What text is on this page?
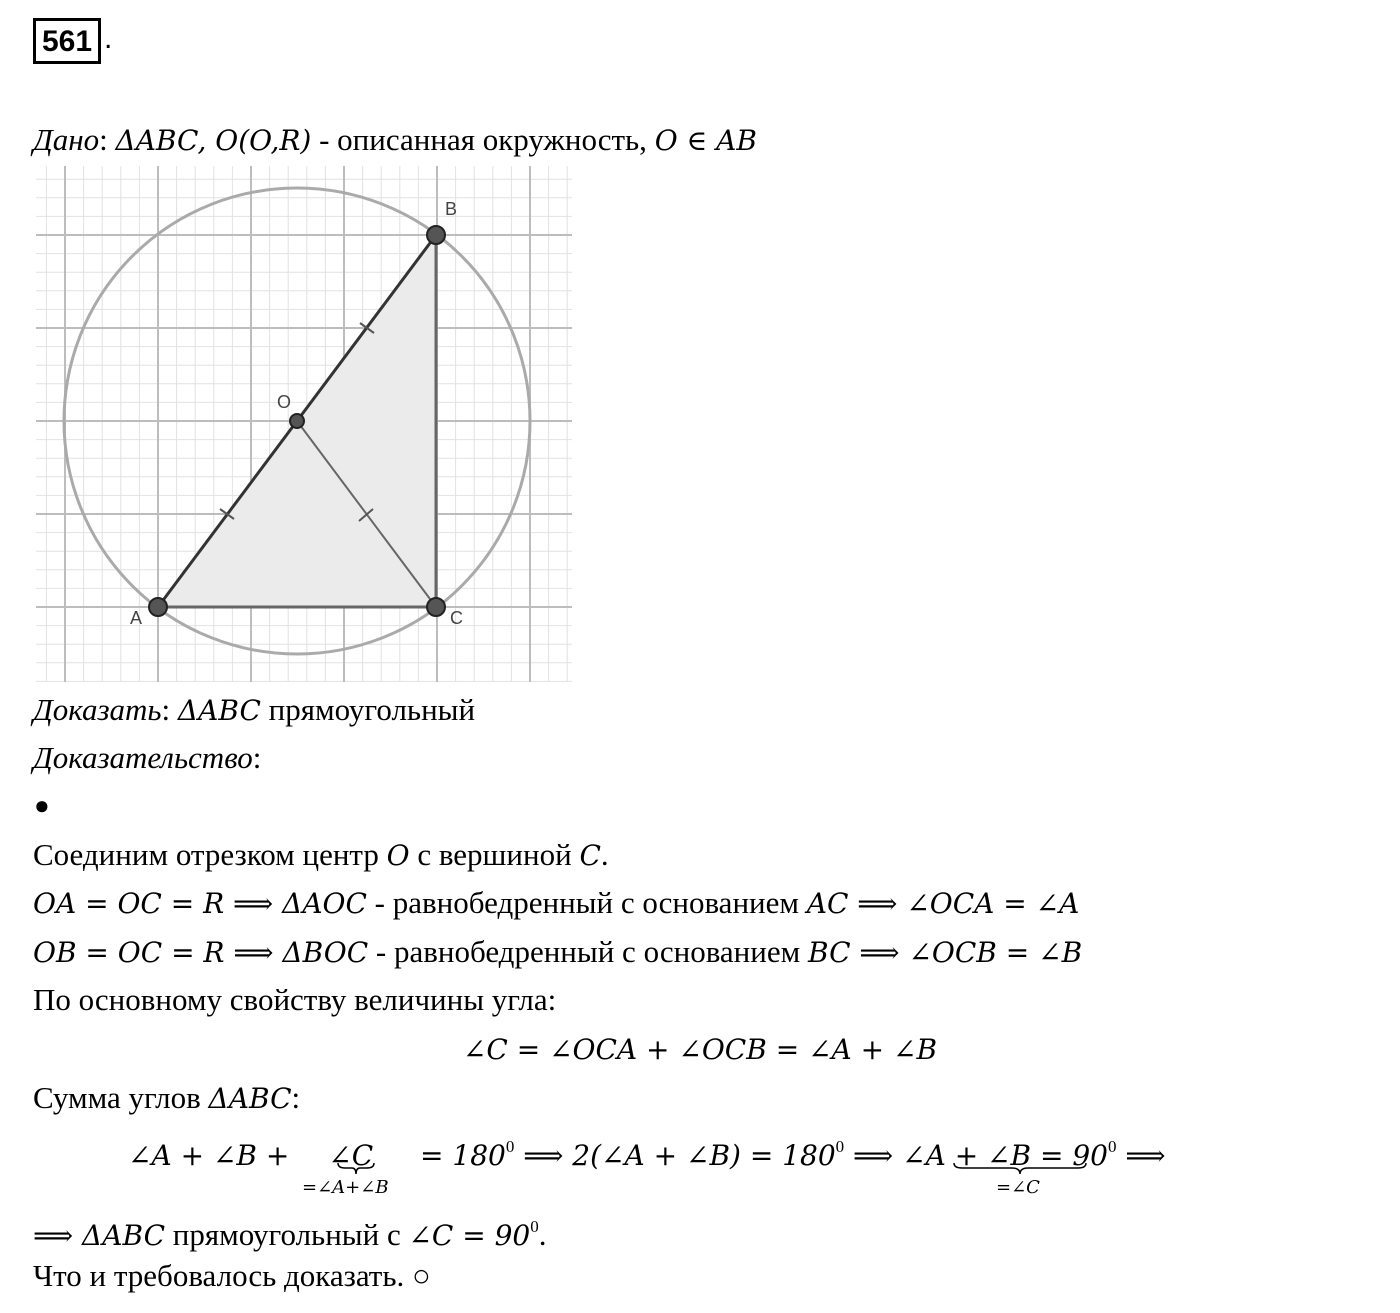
561 .
Дано: ΔABC, O(O,R) - описанная окружность, O ∈ AB
A
B
C
O
Доказать: ΔABC прямоугольный
Доказательство:
●
Соединим отрезком центр O с вершиной C.
OA = OC = R ⟹ ΔAOC - равнобедренный с основанием AC ⟹ ∠OCA = ∠A
OB = OC = R ⟹ ΔBOC - равнобедренный с основанием BC ⟹ ∠OCB = ∠B
По основному свойству величины угла:
∠C = ∠OCA + ∠OCB = ∠A + ∠B
Сумма углов ΔABC:
∠A + ∠B + ∠C = $180^0$ ⟹ 2(∠A + ∠B) = $180^0$ ⟹ ∠A + ∠B = $90^0$ ⟹
=∠A+∠B	=∠C
⟹ ΔABC прямоугольный с ∠C = $90^0$.
Что и требовалось доказать. ○
